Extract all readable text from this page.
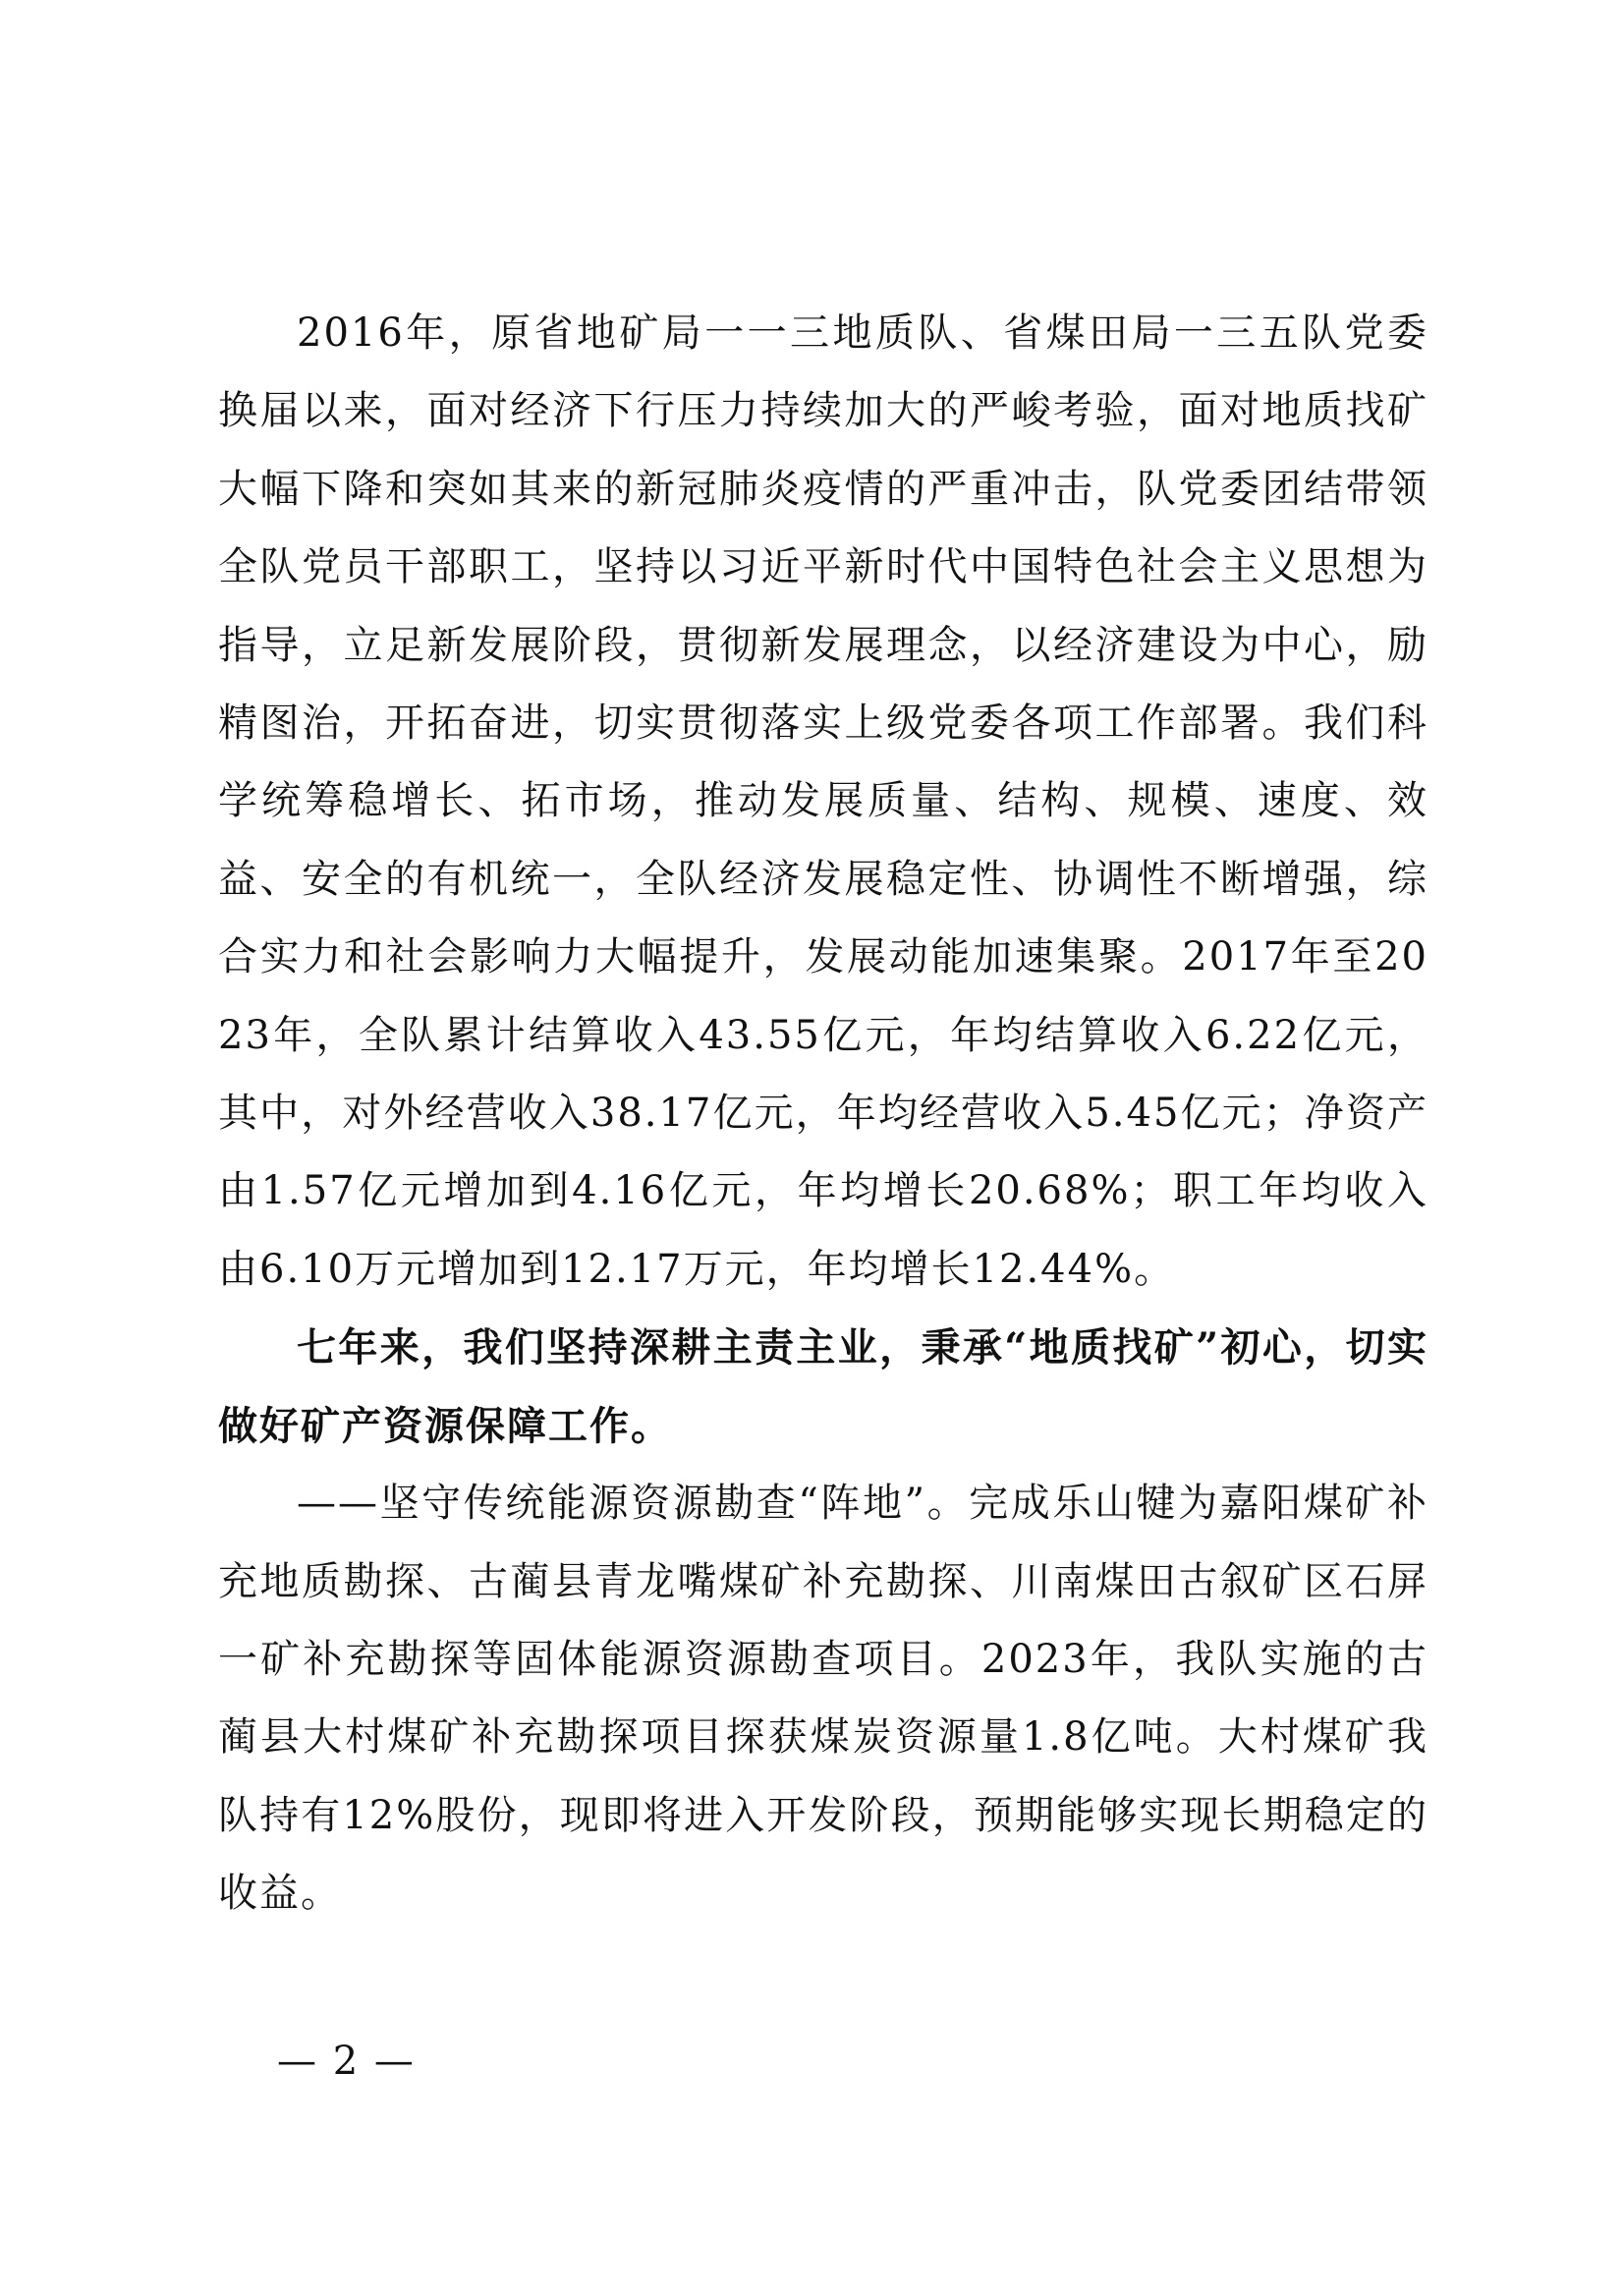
2016年，原省地矿局一一三地质队、省煤田局一三五队党委换届以来，面对经济下行压力持续加大的严峻考验，面对地质找矿大幅下降和突如其来的新冠肺炎疫情的严重冲击，队党委团结带领全队党员干部职工，坚持以习近平新时代中国特色社会主义思想为指导，立足新发展阶段，贯彻新发展理念，以经济建设为中心，励精图治，开拓奋进，切实贯彻落实上级党委各项工作部署。我们科学统筹稳增长、拓市场，推动发展质量、结构、规模、速度、效益、安全的有机统一，全队经济发展稳定性、协调性不断增强，综合实力和社会影响力大幅提升，发展动能加速集聚。2017年至2023年，全队累计结算收入43.55亿元，年均结算收入6.22亿元，其中，对外经营收入38.17亿元，年均经营收入5.45亿元；净资产由1.57亿元增加到4.16亿元，年均增长20.68%；职工年均收入由6.10万元增加到12.17万元，年均增长12.44%。

七年来，我们坚持深耕主责主业，秉承“地质找矿”初心，切实做好矿产资源保障工作。

——坚守传统能源资源勘查“阵地”。完成乐山犍为嘉阳煤矿补充地质勘探、古蔺县青龙嘴煤矿补充勘探、川南煤田古叙矿区石屏一矿补充勘探等固体能源资源勘查项目。2023年，我队实施的古蔺县大村煤矿补充勘探项目探获煤炭资源量1.8亿吨。大村煤矿我队持有12%股份，现即将进入开发阶段，预期能够实现长期稳定的收益。

— 2 —
